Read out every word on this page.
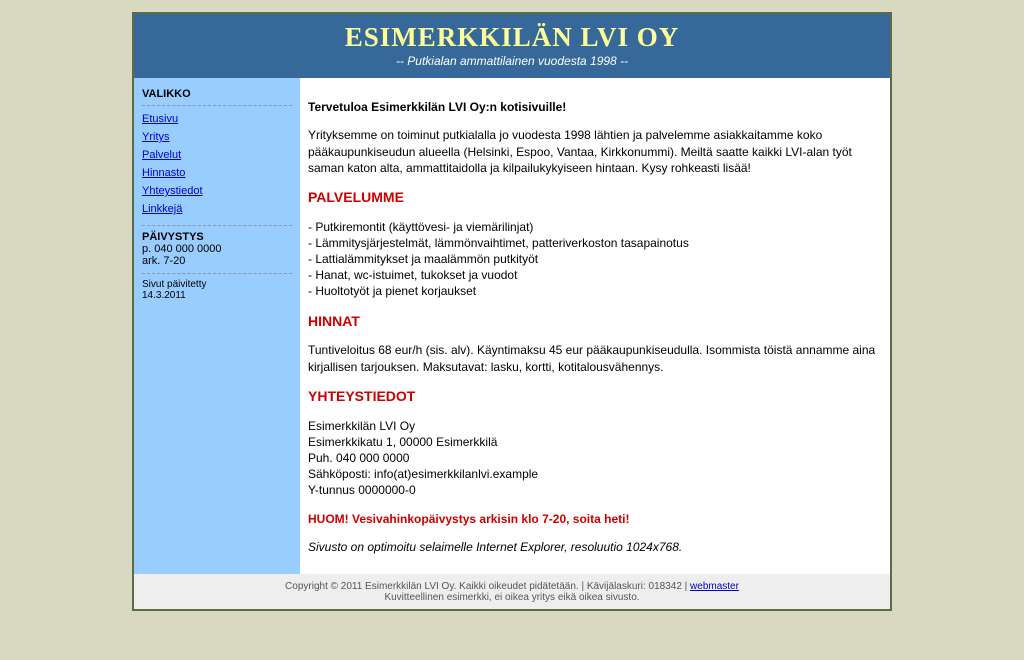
ESIMERKKILÄN LVI OY
-- Putkialan ammattilainen vuodesta 1998 --
VALIKKO
Etusivu
Yritys
Palvelut
Hinnasto
Yhteystiedot
Linkkejä
PÄIVYSTYS
p. 040 000 0000
ark. 7-20
Sivut päivitetty
14.3.2011
Tervetuloa Esimerkkilän LVI Oy:n kotisivuille!
Yrityksemme on toiminut putkialalla jo vuodesta 1998 lähtien ja palvelemme asiakkaitamme koko pääkaupunkiseudun alueella (Helsinki, Espoo, Vantaa, Kirkkonummi). Meiltä saatte kaikki LVI-alan työt saman katon alta, ammattitaidolla ja kilpailukykyiseen hintaan. Kysy rohkeasti lisää!
PALVELUMME
- Putkiremontit (käyttövesi- ja viemärilinjat)
- Lämmitysjärjestelmät, lämmönvaihtimet, patteriverkoston tasapainotus
- Lattialämmitykset ja maalämmön putkityöt
- Hanat, wc-istuimet, tukokset ja vuodot
- Huoltotyöt ja pienet korjaukset
HINNAT
Tuntiveloitus 68 eur/h (sis. alv). Käyntimaksu 45 eur pääkaupunkiseudulla. Isommista töistä annamme aina kirjallisen tarjouksen. Maksutavat: lasku, kortti, kotitalousvähennys.
YHTEYSTIEDOT
Esimerkkilän LVI Oy
Esimerkkikatu 1, 00000 Esimerkkilä
Puh. 040 000 0000
Sähköposti: info(at)esimerkkilanlvi.example
Y-tunnus 0000000-0
HUOM! Vesivahinkopäivystys arkisin klo 7-20, soita heti!
Sivusto on optimoitu selaimelle Internet Explorer, resoluutio 1024x768.
Copyright © 2011 Esimerkkilän LVI Oy. Kaikki oikeudet pidätetään. | Kävijälaskuri: 018342 | webmaster
Kuvitteellinen esimerkki, ei oikea yritys eikä oikea sivusto.
